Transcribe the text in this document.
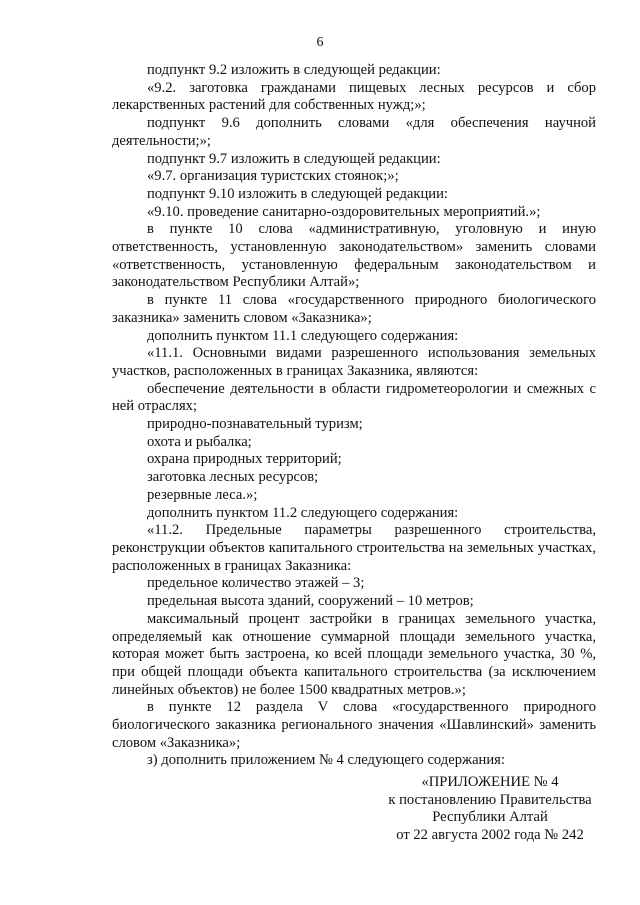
6

подпункт 9.2 изложить в следующей редакции:

«9.2. заготовка гражданами пищевых лесных ресурсов и сбор лекарственных растений для собственных нужд;»;

подпункт 9.6 дополнить словами «для обеспечения научной деятельности;»;

подпункт 9.7 изложить в следующей редакции:

«9.7. организация туристских стоянок;»;

подпункт 9.10 изложить в следующей редакции:

«9.10. проведение санитарно-оздоровительных мероприятий.»;

в пункте 10 слова «административную, уголовную и иную ответственность, установленную законодательством» заменить словами «ответственность, установленную федеральным законодательством и законодательством Республики Алтай»;

в пункте 11 слова «государственного природного биологического заказника» заменить словом «Заказника»;

дополнить пунктом 11.1 следующего содержания:

«11.1. Основными видами разрешенного использования земельных участков, расположенных в границах Заказника, являются:

обеспечение деятельности в области гидрометеорологии и смежных с ней отраслях;

природно-познавательный туризм;

охота и рыбалка;

охрана природных территорий;

заготовка лесных ресурсов;

резервные леса.»;

дополнить пунктом 11.2 следующего содержания:

«11.2. Предельные параметры разрешенного строительства, реконструкции объектов капитального строительства на земельных участках, расположенных в границах Заказника:

предельное количество этажей – 3;

предельная высота зданий, сооружений – 10 метров;

максимальный процент застройки в границах земельного участка, определяемый как отношение суммарной площади земельного участка, которая может быть застроена, ко всей площади земельного участка, 30 %, при общей площади объекта капитального строительства (за исключением линейных объектов) не более 1500 квадратных метров.»;

в пункте 12 раздела V слова «государственного природного биологического заказника регионального значения «Шавлинский» заменить словом «Заказника»;

з) дополнить приложением № 4 следующего содержания:

«ПРИЛОЖЕНИЕ № 4
к постановлению Правительства
Республики Алтай
от 22 августа 2002 года № 242
